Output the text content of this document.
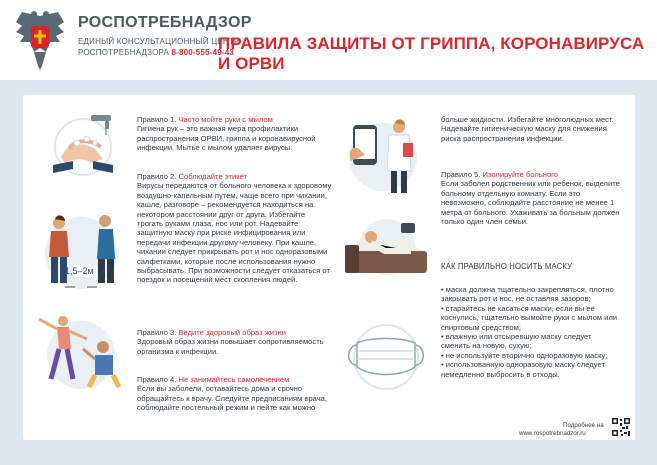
РОСПОТРЕБНАДЗОР
ЕДИНЫЙ КОНСУЛЬТАЦИОННЫЙ ЦЕНТР
РОСПОТРЕБНАДЗОРА 8-800-555-49-43
ПРАВИЛА ЗАЩИТЫ ОТ ГРИППА, КОРОНАВИРУСА И ОРВИ
Правило 1. Часто мойте руки с мылом
Гигиена рук – это важная мера профилактики распространения ОРВИ, гриппа и коронавирусной инфекции. Мытье с мылом удаляет вирусы.
Правило 2. Соблюдайте этикет
Вирусы передаются от больного человека к здоровому воздушно-капельным путем, чаще всего при чихании, кашле, разговоре – рекомендуется находиться на некотором расстоянии друг от друга. Избегайте трогать руками глаза, нос или рот. Надевайте защитную маску при риске инфицирования или передачи инфекции другому человеку. При кашле, чихании следует прикрывать рот и нос одноразовыми салфетками, которые после использования нужно выбрасывать. При возможности следует отказаться от поездок и посещений мест скопления людей.
Правило 3. Ведите здоровый образ жизни
Здоровый образ жизни повышает сопротивляемость организма к инфекции.
Правило 4. Не занимайтесь самолечением
Если вы заболели, оставайтесь дома и срочно обращайтесь к врачу. Следуйте предписаниям врача, соблюдайте постельный режим и пейте как можно
больше жидкости. Избегайте многолюдных мест. Надевайте гигиеническую маску для снижения риска распространения инфекции.
Правило 5. Изолируйте больного
Если заболел родственник или ребенок, выделите больному отдельную комнату. Если это невозможно, соблюдайте расстояние не менее 1 метра от больного. Ухаживать за больным должен только один член семьи.
КАК ПРАВИЛЬНО НОСИТЬ МАСКУ
• маска должна тщательно закрепляться, плотно закрывать рот и нос, не оставляя зазоров;
• старайтесь не касаться маски, если вы ее коснулись, тщательно вымойте руки с мылом или спиртовым средством;
• влажную или отсыревшую маску следует сменить на новую, сухую;
• не используйте вторично одноразовую маску;
• использованную одноразовую маску следует немедленно выбросить в отходы.
Подробнее на
www.rospotrebnadzor.ru
1,5–2м
